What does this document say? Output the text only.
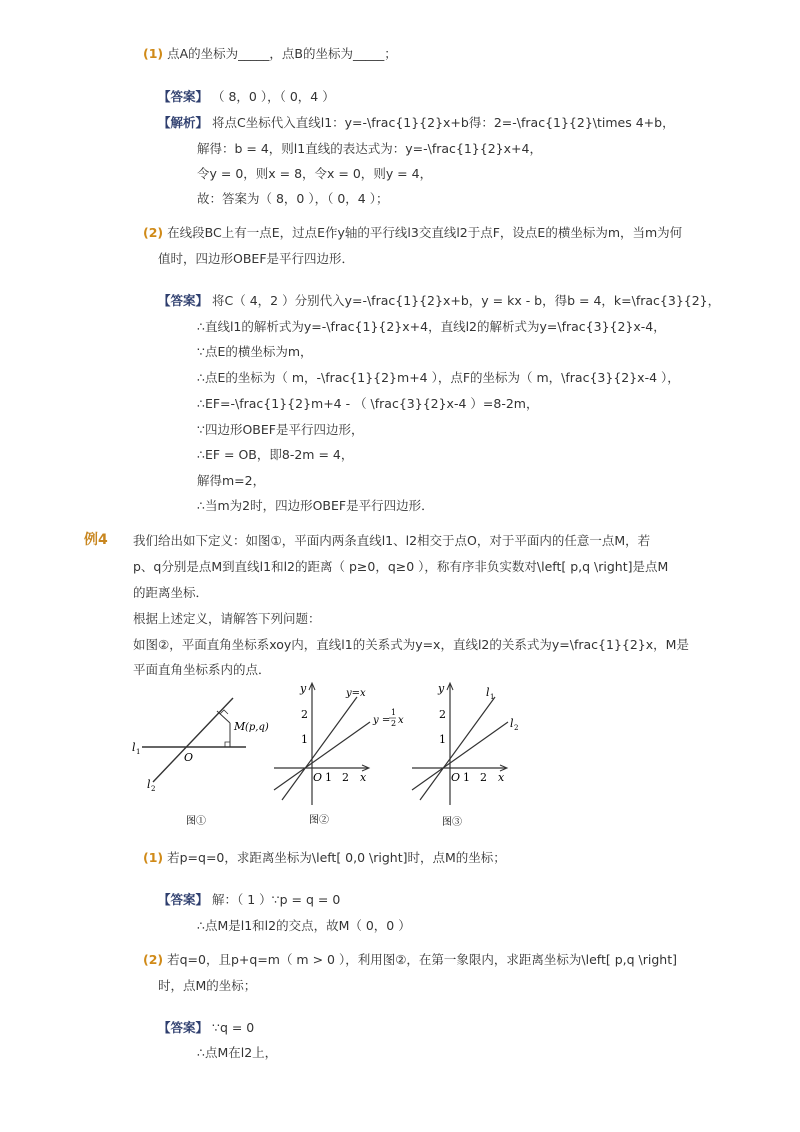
(1) 点A的坐标为_____，点B的坐标为_____；
【答案】 （ 8，0 ），（ 0，4 ）
【解析】 将点C坐标代入直线l1：y=-\frac{1}{2}x+b得：2=-\frac{1}{2}\times 4+b，
解得：b = 4，则l1直线的表达式为：y=-\frac{1}{2}x+4，
令y = 0，则x = 8，令x = 0，则y = 4，
故：答案为（ 8，0 ），（ 0，4 ）；
(2) 在线段BC上有一点E，过点E作y轴的平行线l3交直线l2于点F，设点E的横坐标为m，当m为何
值时，四边形OBEF是平行四边形．
【答案】 将C（ 4，2 ）分别代入y=-\frac{1}{2}x+b，y = kx - b，得b = 4，k=\frac{3}{2}，
∴直线l1的解析式为y=-\frac{1}{2}x+4，直线l2的解析式为y=\frac{3}{2}x-4，
∵点E的横坐标为m，
∴点E的坐标为（ m，-\frac{1}{2}m+4 ），点F的坐标为（ m，\frac{3}{2}x-4 ），
∴EF=-\frac{1}{2}m+4 - （ \frac{3}{2}x-4 ）=8-2m，
∵四边形OBEF是平行四边形，
∴EF = OB，即8-2m = 4，
解得m=2，
∴当m为2时，四边形OBEF是平行四边形．
例4 我们给出如下定义：如图①，平面内两条直线l1、l2相交于点O，对于平面内的任意一点M，若
p、q分别是点M到直线l1和l2的距离（ p≥0，q≥0 ），称有序非负实数对\left[ p,q \right]是点M
的距离坐标．
根据上述定义，请解答下列问题：
如图②，平面直角坐标系xoy内，直线l1的关系式为y=x，直线l2的关系式为y=\frac{1}{2}x，M是
平面直角坐标系内的点．
M (p,q)
l 1	O
l 2
图①
y
x
O
2
1
1 2
y=x
y =
1
2 x
图②
y
x
O
2
1
1 2
l 1
l 2
图③
(1) 若p=q=0，求距离坐标为\left[ 0,0 \right]时，点M的坐标；
【答案】 解：（ 1 ）∵p = q = 0
∴点M是l1和l2的交点，故M（ 0，0 ）
(2) 若q=0，且p+q=m（ m > 0 ），利用图②，在第一象限内，求距离坐标为\left[ p,q \right]
时，点M的坐标；
【答案】 ∵q = 0
∴点M在l2上，
